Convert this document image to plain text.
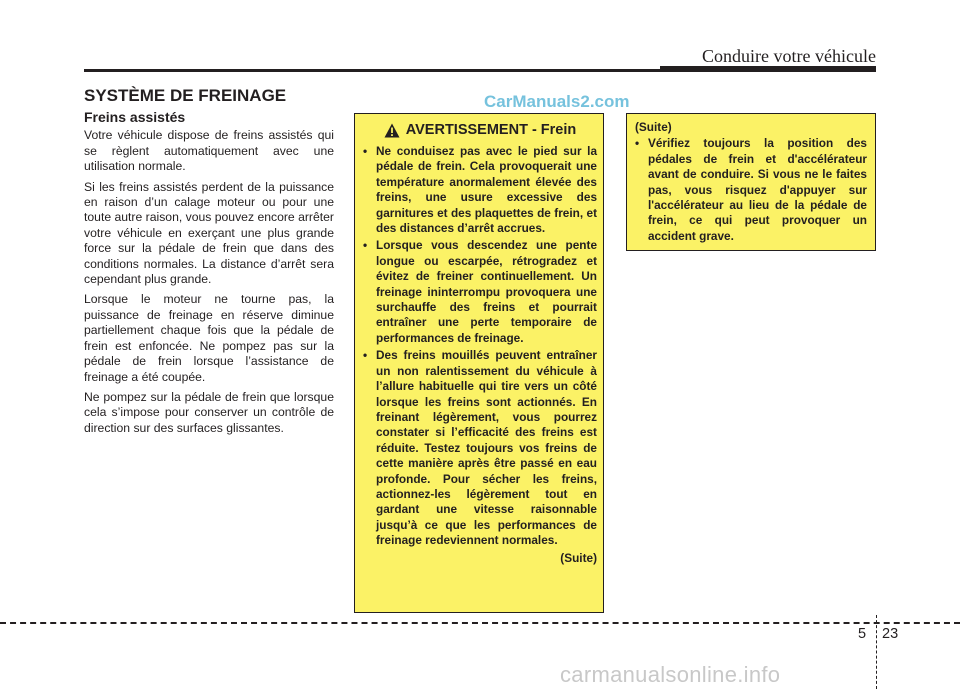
Conduire votre véhicule
SYSTÈME DE FREINAGE	CarManuals2.com
Freins assistés

Votre véhicule dispose de freins assistés qui se règlent automatiquement avec une utilisation normale.

Si les freins assistés perdent de la puissance en raison d’un calage moteur ou pour une toute autre raison, vous pouvez encore arrêter votre véhicule en exerçant une plus grande force sur la pédale de frein que dans des conditions normales. La distance d’arrêt sera cependant plus grande.

Lorsque le moteur ne tourne pas, la puissance de freinage en réserve diminue partiellement chaque fois que la pédale de frein est enfoncée. Ne pompez pas sur la pédale de frein lorsque l’assistance de freinage a été coupée.

Ne pompez sur la pédale de frein que lorsque cela s’impose pour conserver un contrôle de direction sur des surfaces glissantes.

AVERTISSEMENT - Frein
• Ne conduisez pas avec le pied sur la pédale de frein. Cela provoquerait une température anormalement élevée des freins, une usure excessive des garnitures et des plaquettes de frein, et des distances d’arrêt accrues.
• Lorsque vous descendez une pente longue ou escarpée, rétrogradez et évitez de freiner continuellement. Un freinage ininterrompu provoquera une surchauffe des freins et pourrait entraîner une perte temporaire de performances de freinage.
• Des freins mouillés peuvent entraîner un non ralentissement du véhicule à l’allure habituelle qui tire vers un côté lorsque les freins sont actionnés. En freinant légèrement, vous pourrez constater si l’efficacité des freins est réduite. Testez toujours vos freins de cette manière après être passé en eau profonde. Pour sécher les freins, actionnez-les légèrement tout en gardant une vitesse raisonnable jusqu’à ce que les performances de freinage redeviennent normales.
(Suite)
(Suite)
• Vérifiez toujours la position des pédales de frein et d'accélérateur avant de conduire. Si vous ne le faites pas, vous risquez d'appuyer sur l'accélérateur au lieu de la pédale de frein, ce qui peut provoquer un accident grave.
5 23
carmanualsonline.info
